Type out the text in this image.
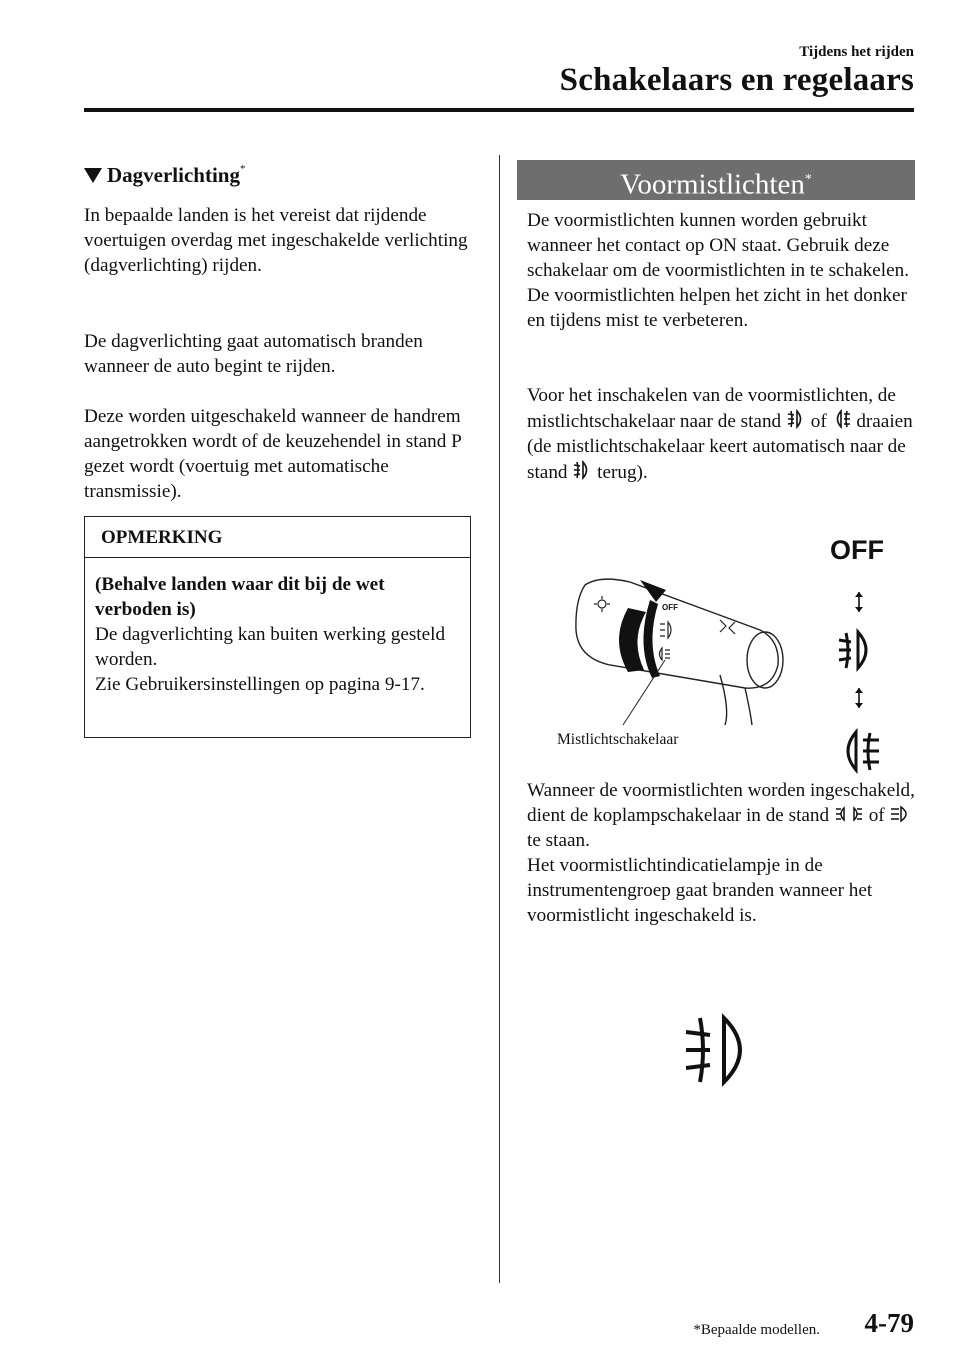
Tijdens het rijden
Schakelaars en regelaars
Dagverlichting*

In bepaalde landen is het vereist dat rijdende voertuigen overdag met ingeschakelde verlichting (dagverlichting) rijden.

De dagverlichting gaat automatisch branden wanneer de auto begint te rijden.

Deze worden uitgeschakeld wanneer de handrem aangetrokken wordt of de keuzehendel in stand P gezet wordt (voertuig met automatische transmissie).

OPMERKING
(Behalve landen waar dit bij de wet verboden is)
De dagverlichting kan buiten werking gesteld worden.
Zie Gebruikersinstellingen op pagina 9-17.
Voormistlichten*

De voormistlichten kunnen worden gebruikt wanneer het contact op ON staat. Gebruik deze schakelaar om de voormistlichten in te schakelen. De voormistlichten helpen het zicht in het donker en tijdens mist te verbeteren.

Voor het inschakelen van de voormistlichten, de mistlichtschakelaar naar de stand of draaien (de mistlichtschakelaar keert automatisch naar de stand terug).

OFF
Mistlichtschakelaar
OFF

Wanneer de voormistlichten worden ingeschakeld, dient de koplampschakelaar in de stand of  te staan.

Het voormistlichtindicatielampje in de instrumentengroep gaat branden wanneer het voormistlicht ingeschakeld is.

*Bepaalde modellen. 4-79
